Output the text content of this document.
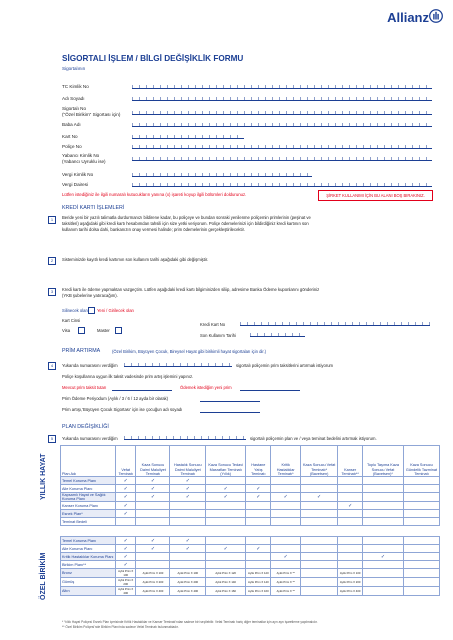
Allianz
SİGORTALI İŞLEM / BİLGİ DEĞİŞİKLİK FORMU
Sigortalının
TC Kimlik No
Adı Soyadı
Sigortalı No
("Özel Birikim" Sigortası için)
Baba Adı
Kart No
Poliçe No
Yabancı Kimlik No
(Yabancı Uyruklu ise)
Vergi Kimlik No
Vergi Dairesi
Lütfen istediğiniz ile ilgili numaralı kutucukların yanına (x) işareti koyup ilgili bölümleri doldurunuz.	ŞİRKET KULLANIMI İÇİN BU ALANI BOŞ BIRAKINIZ.
KREDİ KARTI İŞLEMLERİ
1	Beride yeni bir yazılı talimatla durdurmanızı bildirene kadar, bu poliçeye ve bundan sonraki yenilenme poliçemin primlerinin (peşinat ve taksitleri) aşağıdaki gibi kredi kartı hesabımdan tahsili için size yetki veriyorum. Poliçe ödemelerinizi için bildirdiğiniz kredi kartının son kullanım tarihi dolsa dahi, bankanızın onay vermesi halinde; prim ödemelerinin gerçekleştirilecektir.
2	Sisteminizde kayıtlı kredi kartımın son kullanım tarihi aşağıdaki gibi değişmiştir.
3	Kredi kartı ile ödeme yapmaktan vazgeçtim. Lütfen aşağıdaki kredi kartı bilgiminizden siliip, adresime Banka Ödeme kuponlarını gönderiniz (YKB şubelerine yatıracağım).
Silinecek olan Yeni / Girilecek olan
Kart Cinsi
Visa	Master
Kredi Kart No
Son Kullanım Tarihi
PRİM ARTIRMA	(Özel Birikim, Büyüyen Çocuk, Bireysel Hayat gibi birikimli hayat sigortaları için dir.)
4	Yukarıda numarasını verdiğim	sigortalı poliçemin prim taksitlerini artırmak istiyorum
Poliçe koşullarına uygun ilk taksit vadesinde prim artış işlemini yapınız.
Mevcut prim taksit tutarı	Ödemek istediğim yeni prim
Prim Ödeme Periyodum (Aylık / 3 / 6 / 12 ayda bir olarak)
Prim artışı,'Büyüyen Çocuk Sigortası' için ise çocuğun adı soyadı
PLAN DEĞİŞİKLİĞİ
5	Yukarıda numarasını verdiğim	sigortalı poliçemin plan ve / veya teminat bedelini artırmak istiyorum.
YILLIK HAYAT
ÖZEL BİRİKİM
Plan Adı	Vefat Teminatı	Kaza Sonucu Daimi Maluliyet Teminatı	Hastalık Sonucu Daimi Maluliyet Teminatı	Kaza Sonucu Tedavi Masrafları Teminatı (Yıllık)	Hastane Yatış Teminatı	Kritik Hastalıklar Teminatı*	Kaza Sonucu Vefat Teminatı* (Bavetsen)	Kanser Teminatı**	Toplu Taşıma Kaza Sonucu Vefat (Bavetsen)*	Kaza Sonucu Gündelik Tazminat Teminatı
Temel Koruma Planı	✓	✓	✓							
Aile Koruma Planı	✓	✓	✓	✓	✓					
Kapsamlı Hayat ve Sağlık Koruma Planı	✓	✓	✓	✓	✓	✓	✓			
Kanser Koruma Planı	✓							✓		
Esnek Plan*	✓									
Teminat Bedeli										

Temel Koruma Planı	✓	✓	✓							
Aile Koruma Planı	✓	✓	✓	✓	✓					
Kritik Hastalıklar Koruma Planı	✓					✓			✓	
Birikim Planı**	✓									
Bronz	Aylık Prim X 100	Aylık Prim X 100	Aylık Prim X 100	Aylık Prim X 120	Aylık Prim X 120	Aylık Prim X **		Aylık Prim X 100		
Gümüş	Aylık Prim X 200	Aylık Prim X 200	Aylık Prim X 200	Aylık Prim X 140	Aylık Prim X 140	Aylık Prim X **		Aylık Prim X 200		
Altın	Aylık Prim X 400	Aylık Prim X 400	Aylık Prim X 400	Aylık Prim X 160	Aylık Prim X 160	Aylık Prim X **		Aylık Prim X 400		
* Yıllık Hayat Poliçesi Esnek Plan içerisinde Kritik Hastalıklar ve Kanser Teminatı'ndan sadece biri seçilebilir. Vefat Teminatı hariç diğer teminatlar için ayrı ayrı işaretleme yapılmalıdır.
** Özel Birikim Poliçesi'nde Birikim Planı'nda sadece Vefat Teminatı bulunmaktadır.
